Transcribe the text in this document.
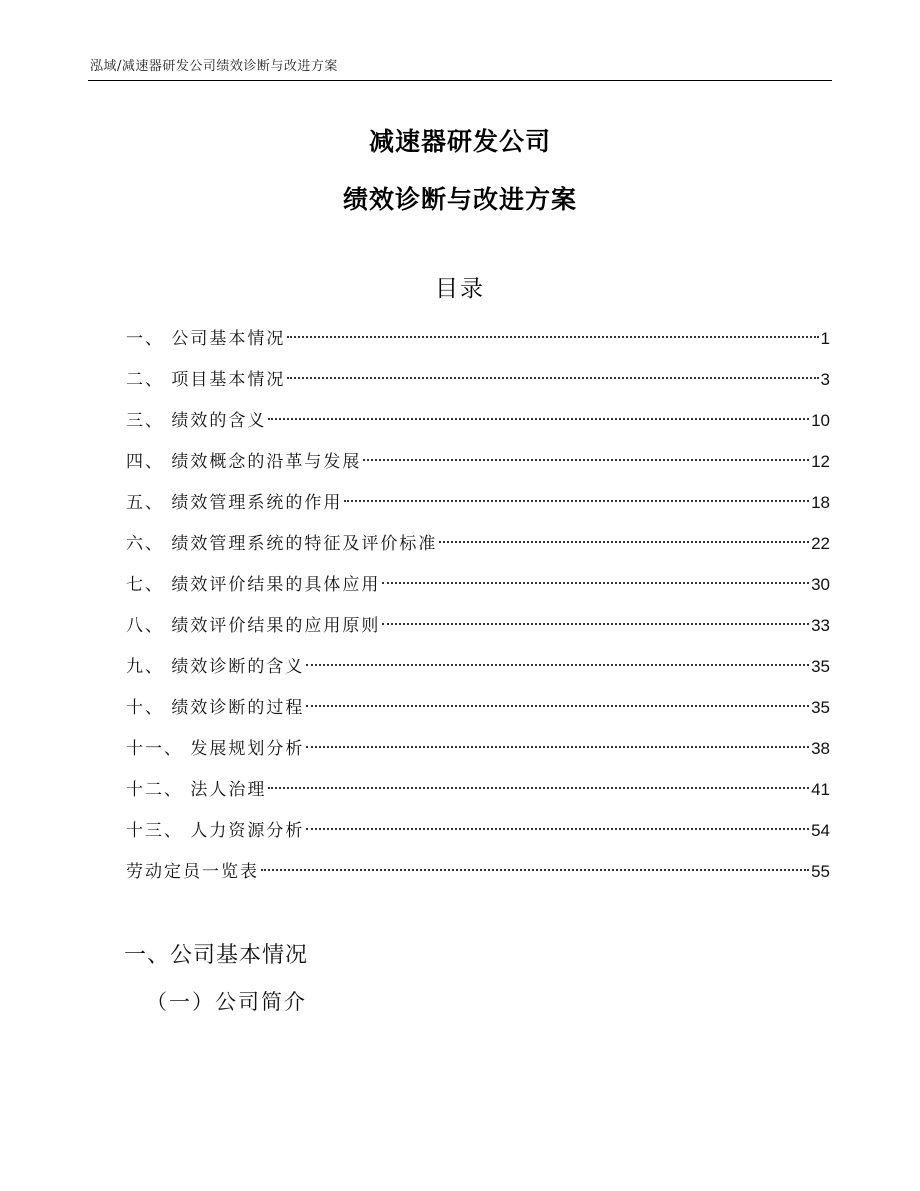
泓域/减速器研发公司绩效诊断与改进方案
减速器研发公司
绩效诊断与改进方案
目录
一、 公司基本情况	1
二、 项目基本情况	3
三、 绩效的含义	10
四、 绩效概念的沿革与发展	12
五、 绩效管理系统的作用	18
六、 绩效管理系统的特征及评价标准	22
七、 绩效评价结果的具体应用	30
八、 绩效评价结果的应用原则	33
九、 绩效诊断的含义	35
十、 绩效诊断的过程	35
十一、 发展规划分析	38
十二、 法人治理	41
十三、 人力资源分析	54
劳动定员一览表	55
一、公司基本情况
（一）公司简介
